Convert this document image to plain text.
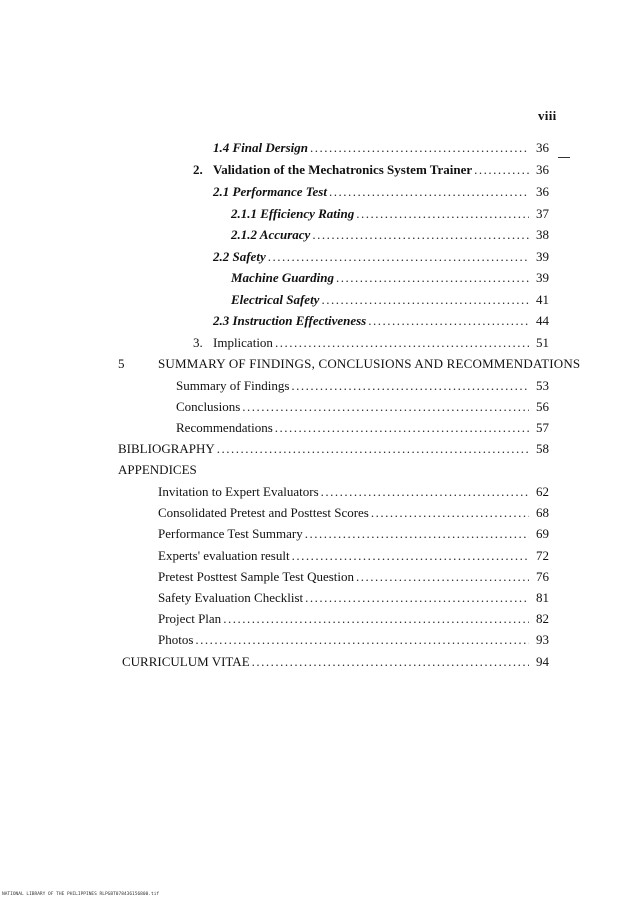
viii
1.4 Final Dersign .....	36
2. Validation of the Mechatronics System Trainer .....	36
2.1 Performance Test .....	36
2.1.1 Efficiency Rating .....	37
2.1.2 Accuracy .....	38
2.2 Safety .....	39
Machine Guarding .....	39
Electrical Safety .....	41
2.3 Instruction Effectiveness .....	44
3. Implication .....	51
5	SUMMARY OF FINDINGS, CONCLUSIONS AND RECOMMENDATIONS
Summary of Findings .....	53
Conclusions .....	56
Recommendations .....	57
BIBLIOGRAPHY .....	58
APPENDICES
Invitation to Expert Evaluators .....	62
Consolidated Pretest and Posttest Scores .....	68
Performance Test Summary .....	69
Experts' evaluation result .....	72
Pretest Posttest Sample Test Question .....	76
Safety Evaluation Checklist .....	81
Project Plan .....	82
Photos .....	93
CURRICULUM VITAE .....	94
NATIONAL LIBRARY OF THE PHILIPPINES RLPGBT078436156800.tif
